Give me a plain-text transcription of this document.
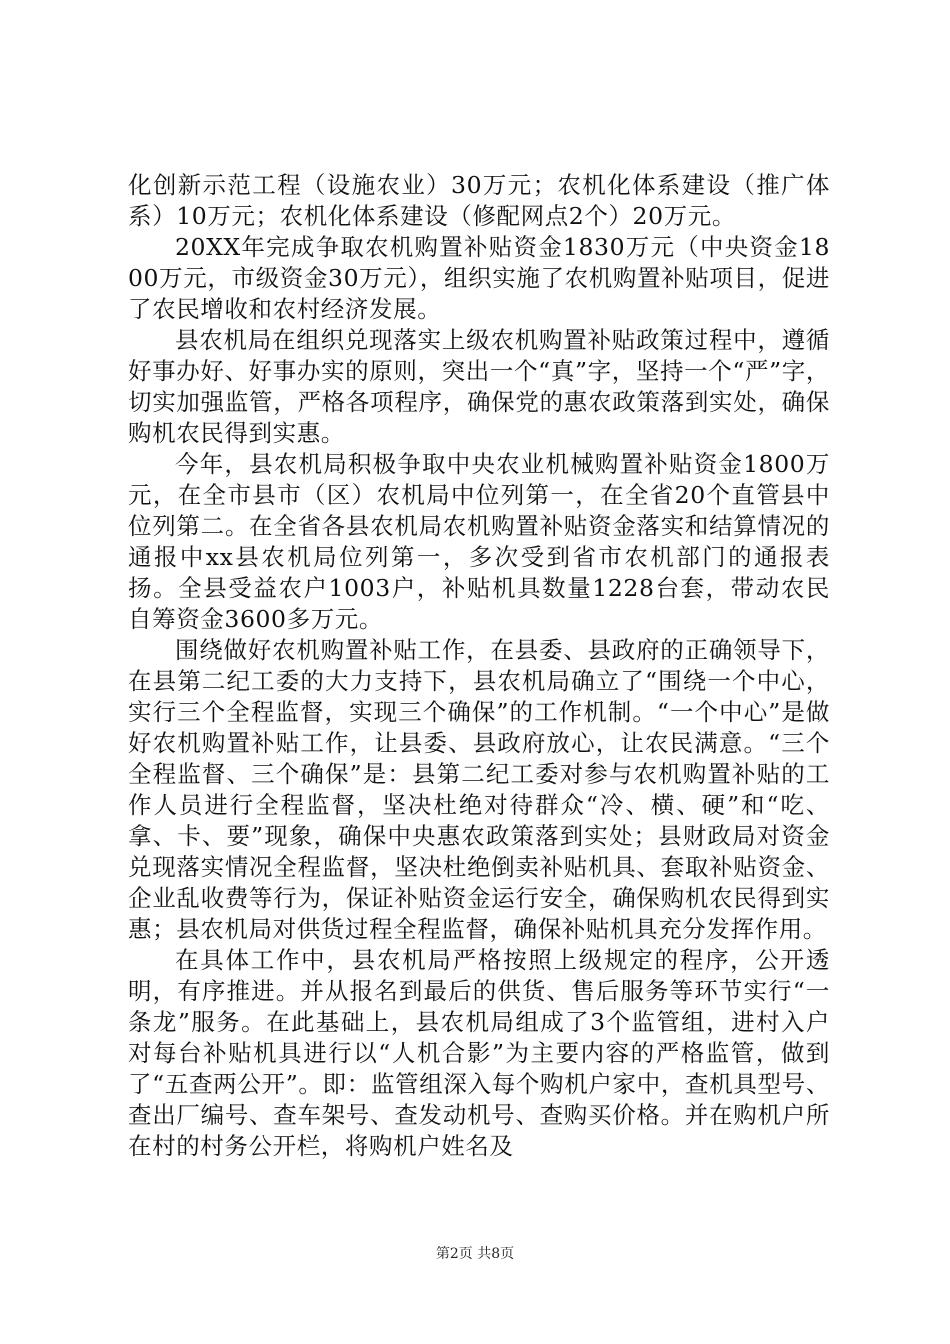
化创新示范工程（设施农业）30万元；农机化体系建设（推广体系）10万元；农机化体系建设（修配网点2个）20万元。

20XX年完成争取农机购置补贴资金1830万元（中央资金1800万元，市级资金30万元），组织实施了农机购置补贴项目，促进了农民增收和农村经济发展。

县农机局在组织兑现落实上级农机购置补贴政策过程中，遵循好事办好、好事办实的原则，突出一个“真”字，坚持一个“严”字，切实加强监管，严格各项程序，确保党的惠农政策落到实处，确保购机农民得到实惠。

今年，县农机局积极争取中央农业机械购置补贴资金1800万元，在全市县市（区）农机局中位列第一，在全省20个直管县中位列第二。在全省各县农机局农机购置补贴资金落实和结算情况的通报中xx县农机局位列第一，多次受到省市农机部门的通报表扬。全县受益农户1003户，补贴机具数量1228台套，带动农民自筹资金3600多万元。

围绕做好农机购置补贴工作，在县委、县政府的正确领导下，在县第二纪工委的大力支持下，县农机局确立了“围绕一个中心，实行三个全程监督，实现三个确保”的工作机制。“一个中心”是做好农机购置补贴工作，让县委、县政府放心，让农民满意。“三个全程监督、三个确保”是：县第二纪工委对参与农机购置补贴的工作人员进行全程监督，坚决杜绝对待群众“冷、横、硬”和“吃、拿、卡、要”现象，确保中央惠农政策落到实处；县财政局对资金兑现落实情况全程监督，坚决杜绝倒卖补贴机具、套取补贴资金、企业乱收费等行为，保证补贴资金运行安全，确保购机农民得到实惠；县农机局对供货过程全程监督，确保补贴机具充分发挥作用。

在具体工作中，县农机局严格按照上级规定的程序，公开透明，有序推进。并从报名到最后的供货、售后服务等环节实行“一条龙”服务。在此基础上，县农机局组成了3个监管组，进村入户对每台补贴机具进行以“人机合影”为主要内容的严格监管，做到了“五查两公开”。即：监管组深入每个购机户家中，查机具型号、查出厂编号、查车架号、查发动机号、查购买价格。并在购机户所在村的村务公开栏，将购机户姓名及

第2页 共8页
